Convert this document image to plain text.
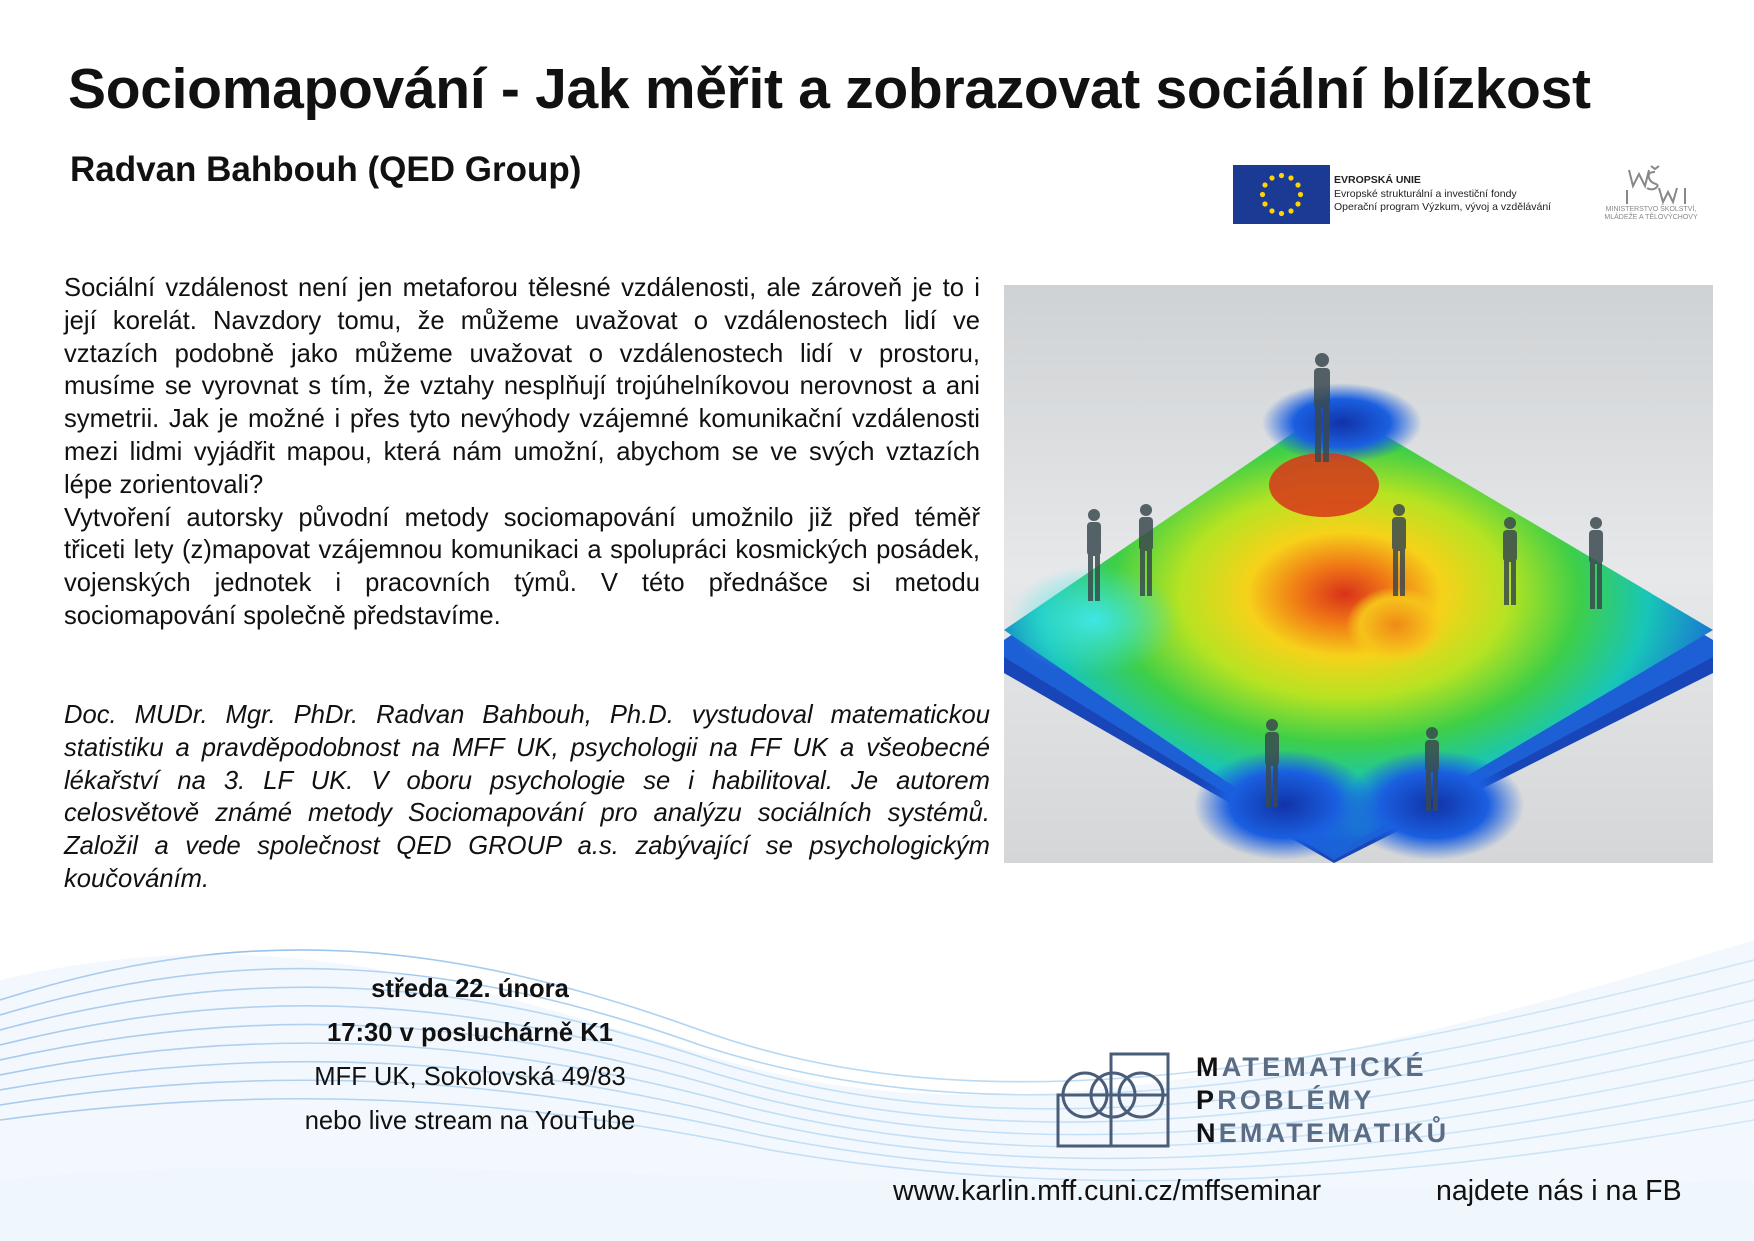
Sociomapování - Jak měřit a zobrazovat sociální blízkost
Radvan Bahbouh (QED Group)	EVROPSKÁ UNIE
Evropské strukturální a investiční fondy
Operační program Výzkum, vývoj a vzdělávání	MINISTERSTVO ŠKOLSTVÍ,
MLÁDEŽE A TĚLOVÝCHOVY

Sociální vzdálenost není jen metaforou tělesné vzdálenosti, ale zároveň je to i její korelát. Navzdory tomu, že můžeme uvažovat o vzdálenostech lidí ve vztazích podobně jako můžeme uvažovat o vzdálenostech lidí v prostoru, musíme se vyrovnat s tím, že vztahy nesplňují trojúhelníkovou nerovnost a ani symetrii. Jak je možné i přes tyto nevýhody vzájemné komunikační vzdálenosti mezi lidmi vyjádřit mapou, která nám umožní, abychom se ve svých vztazích lépe zorientovali?

Vytvoření autorsky původní metody sociomapování umožnilo již před téměř třiceti lety (z)mapovat vzájemnou komunikaci a spolupráci kosmických posádek, vojenských jednotek i pracovních týmů. V této přednášce si metodu sociomapování společně představíme.

Doc. MUDr. Mgr. PhDr. Radvan Bahbouh, Ph.D. vystudoval matematickou statistiku a pravděpodobnost na MFF UK, psychologii na FF UK a všeobecné lékařství na 3. LF UK. V oboru psychologie se i habilitoval. Je autorem celosvětově známé metody Sociomapování pro analýzu sociálních systémů. Založil a vede společnost QED GROUP a.s. zabývající se psychologickým koučováním.
středa 22. února
17:30 v posluchárně K1
MFF UK, Sokolovská 49/83
nebo live stream na YouTube
MATEMATICKÉ
PROBLÉMY
NEMATEMATIKŮ
www.karlin.mff.cuni.cz/mffseminar	najdete nás i na FB
